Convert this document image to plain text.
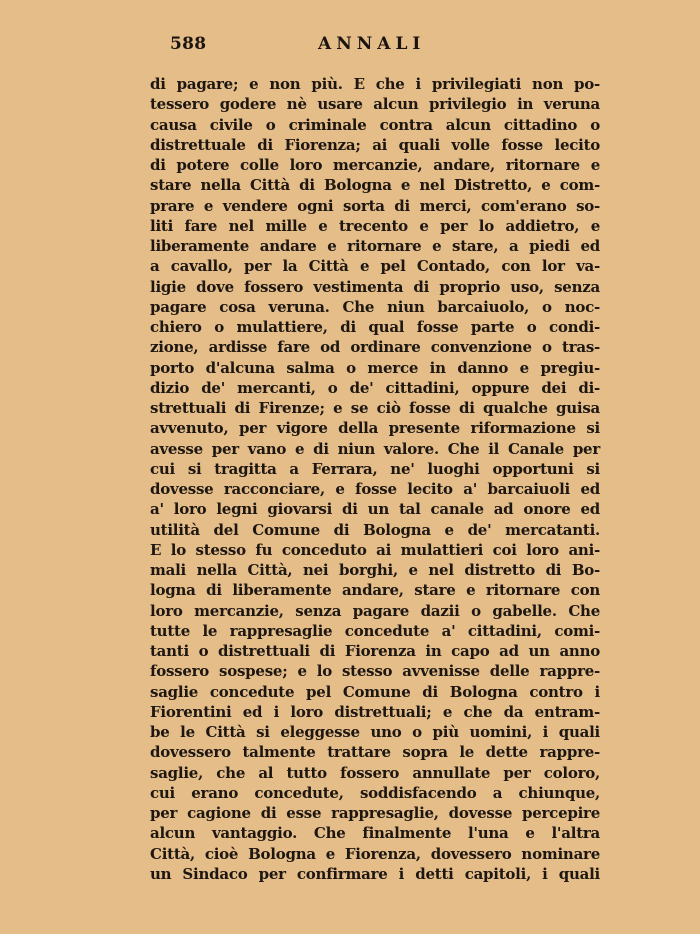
588	ANNALI
di pagare; e non più. E che i privilegiati non po-
tessero godere nè usare alcun privilegio in veruna
causa civile o criminale contra alcun cittadino o
distrettuale di Fiorenza; ai quali volle fosse lecito
di potere colle loro mercanzie, andare, ritornare e
stare nella Città di Bologna e nel Distretto, e com-
prare e vendere ogni sorta di merci, com'erano so-
liti fare nel mille e trecento e per lo addietro, e
liberamente andare e ritornare e stare, a piedi ed
a cavallo, per la Città e pel Contado, con lor va-
ligie dove fossero vestimenta di proprio uso, senza
pagare cosa veruna. Che niun barcaiuolo, o noc-
chiero o mulattiere, di qual fosse parte o condi-
zione, ardisse fare od ordinare convenzione o tras-
porto d'alcuna salma o merce in danno e pregiu-
dizio de' mercanti, o de' cittadini, oppure dei di-
strettuali di Firenze; e se ciò fosse di qualche guisa
avvenuto, per vigore della presente riformazione si
avesse per vano e di niun valore. Che il Canale per
cui si tragitta a Ferrara, ne' luoghi opportuni si
dovesse racconciare, e fosse lecito a' barcaiuoli ed
a' loro legni giovarsi di un tal canale ad onore ed
utilità del Comune di Bologna e de' mercatanti.
E lo stesso fu conceduto ai mulattieri coi loro ani-
mali nella Città, nei borghi, e nel distretto di Bo-
logna di liberamente andare, stare e ritornare con
loro mercanzie, senza pagare dazii o gabelle. Che
tutte le rappresaglie concedute a' cittadini, comi-
tanti o distrettuali di Fiorenza in capo ad un anno
fossero sospese; e lo stesso avvenisse delle rappre-
saglie concedute pel Comune di Bologna contro i
Fiorentini ed i loro distrettuali; e che da entram-
be le Città si eleggesse uno o più uomini, i quali
dovessero talmente trattare sopra le dette rappre-
saglie, che al tutto fossero annullate per coloro,
cui erano concedute, soddisfacendo a chiunque,
per cagione di esse rappresaglie, dovesse percepire
alcun vantaggio. Che finalmente l'una e l'altra
Città, cioè Bologna e Fiorenza, dovessero nominare
un Sindaco per confirmare i detti capitoli, i quali
